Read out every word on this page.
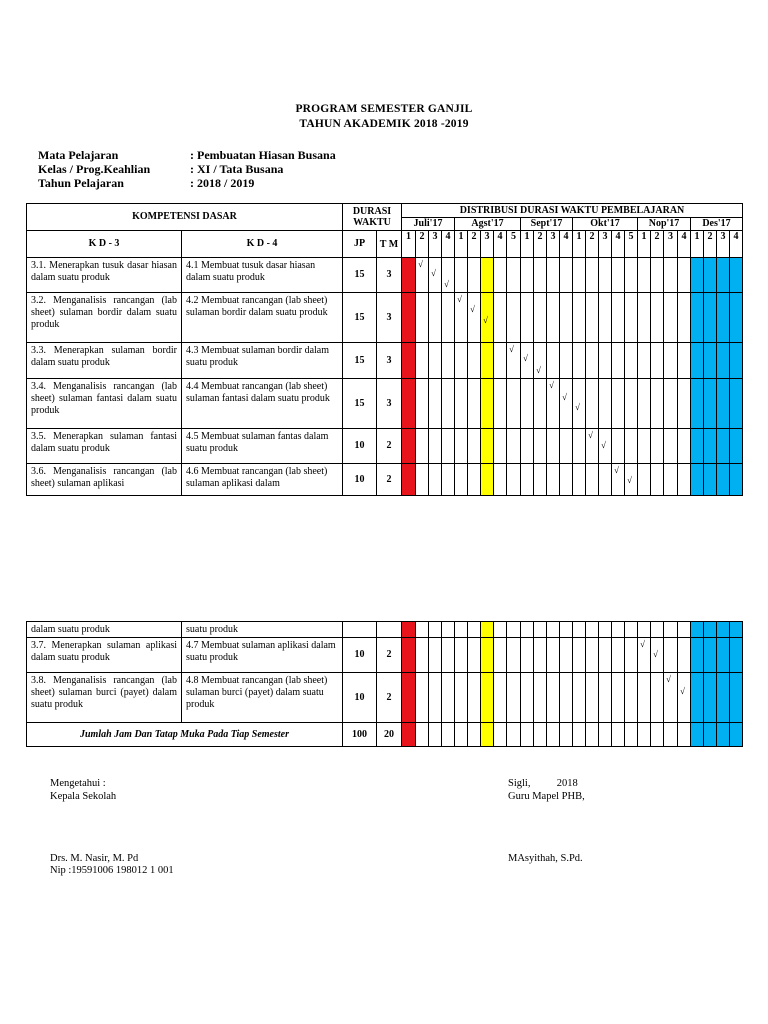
PROGRAM SEMESTER GANJIL
TAHUN AKADEMIK 2018 -2019
Mata Pelajaran	: Pembuatan Hiasan Busana
Kelas / Prog.Keahlian	: XI / Tata Busana
Tahun Pelajaran	: 2018 / 2019
KOMPETENSI DASAR		DURASI WAKTU		DISTRIBUSI DURASI WAKTU PEMBELAJARAN																									
				Juli'17				Agst'17					Sept'17				Okt'17					Nop'17				Des'17			
K D - 3	K D - 4	JP	T M	1	2	3	4	1	2	3	4	5	1	2	3	4	1	2	3	4	5	1	2	3	4	1	2	3	4
3.1. Menerapkan tusuk dasar hiasan dalam suatu produk	4.1 Membuat tusuk dasar hiasan dalam suatu produk	15	3		√	√	√																						

3.2. Menganalisis rancangan (lab sheet) sulaman bordir dalam suatu produk	4.2 Membuat rancangan (lab sheet) sulaman bordir dalam suatu produk	15	3					√	√	√																			

3.3. Menerapkan sulaman bordir dalam suatu produk	4.3 Membuat sulaman bordir dalam suatu produk	15	3									√	√	√															

3.4. Menganalisis rancangan (lab sheet) sulaman fantasi dalam suatu produk	4.4 Membuat rancangan (lab sheet) sulaman fantasi dalam suatu produk	15	3												√	√	√												

3.5. Menerapkan sulaman fantasi dalam suatu produk	4.5 Membuat sulaman fantas dalam suatu produk	10	2															√	√										

3.6. Menganalisis rancangan (lab sheet) sulaman aplikasi	4.6 Membuat rancangan (lab sheet) sulaman aplikasi dalam	10	2																	√	√								

dalam suatu produk	suatu produk																												
3.7. Menerapkan sulaman aplikasi dalam suatu produk	4.7 Membuat sulaman aplikasi dalam suatu produk	10	2																			√	√						

3.8. Menganalisis rancangan (lab sheet) sulaman burci (payet) dalam suatu produk	4.8 Membuat rancangan (lab sheet) sulaman burci (payet) dalam suatu produk	10	2																					√	√				

Jumlah Jam Dan Tatap Muka Pada Tiap Semester		100	20																										
Mengetahui :
Kepala Sekolah
Drs. M. Nasir, M. Pd
Nip :19591006 198012 1 001
Sigli,          2018
Guru Mapel PHB,
MAsyithah, S.Pd.
